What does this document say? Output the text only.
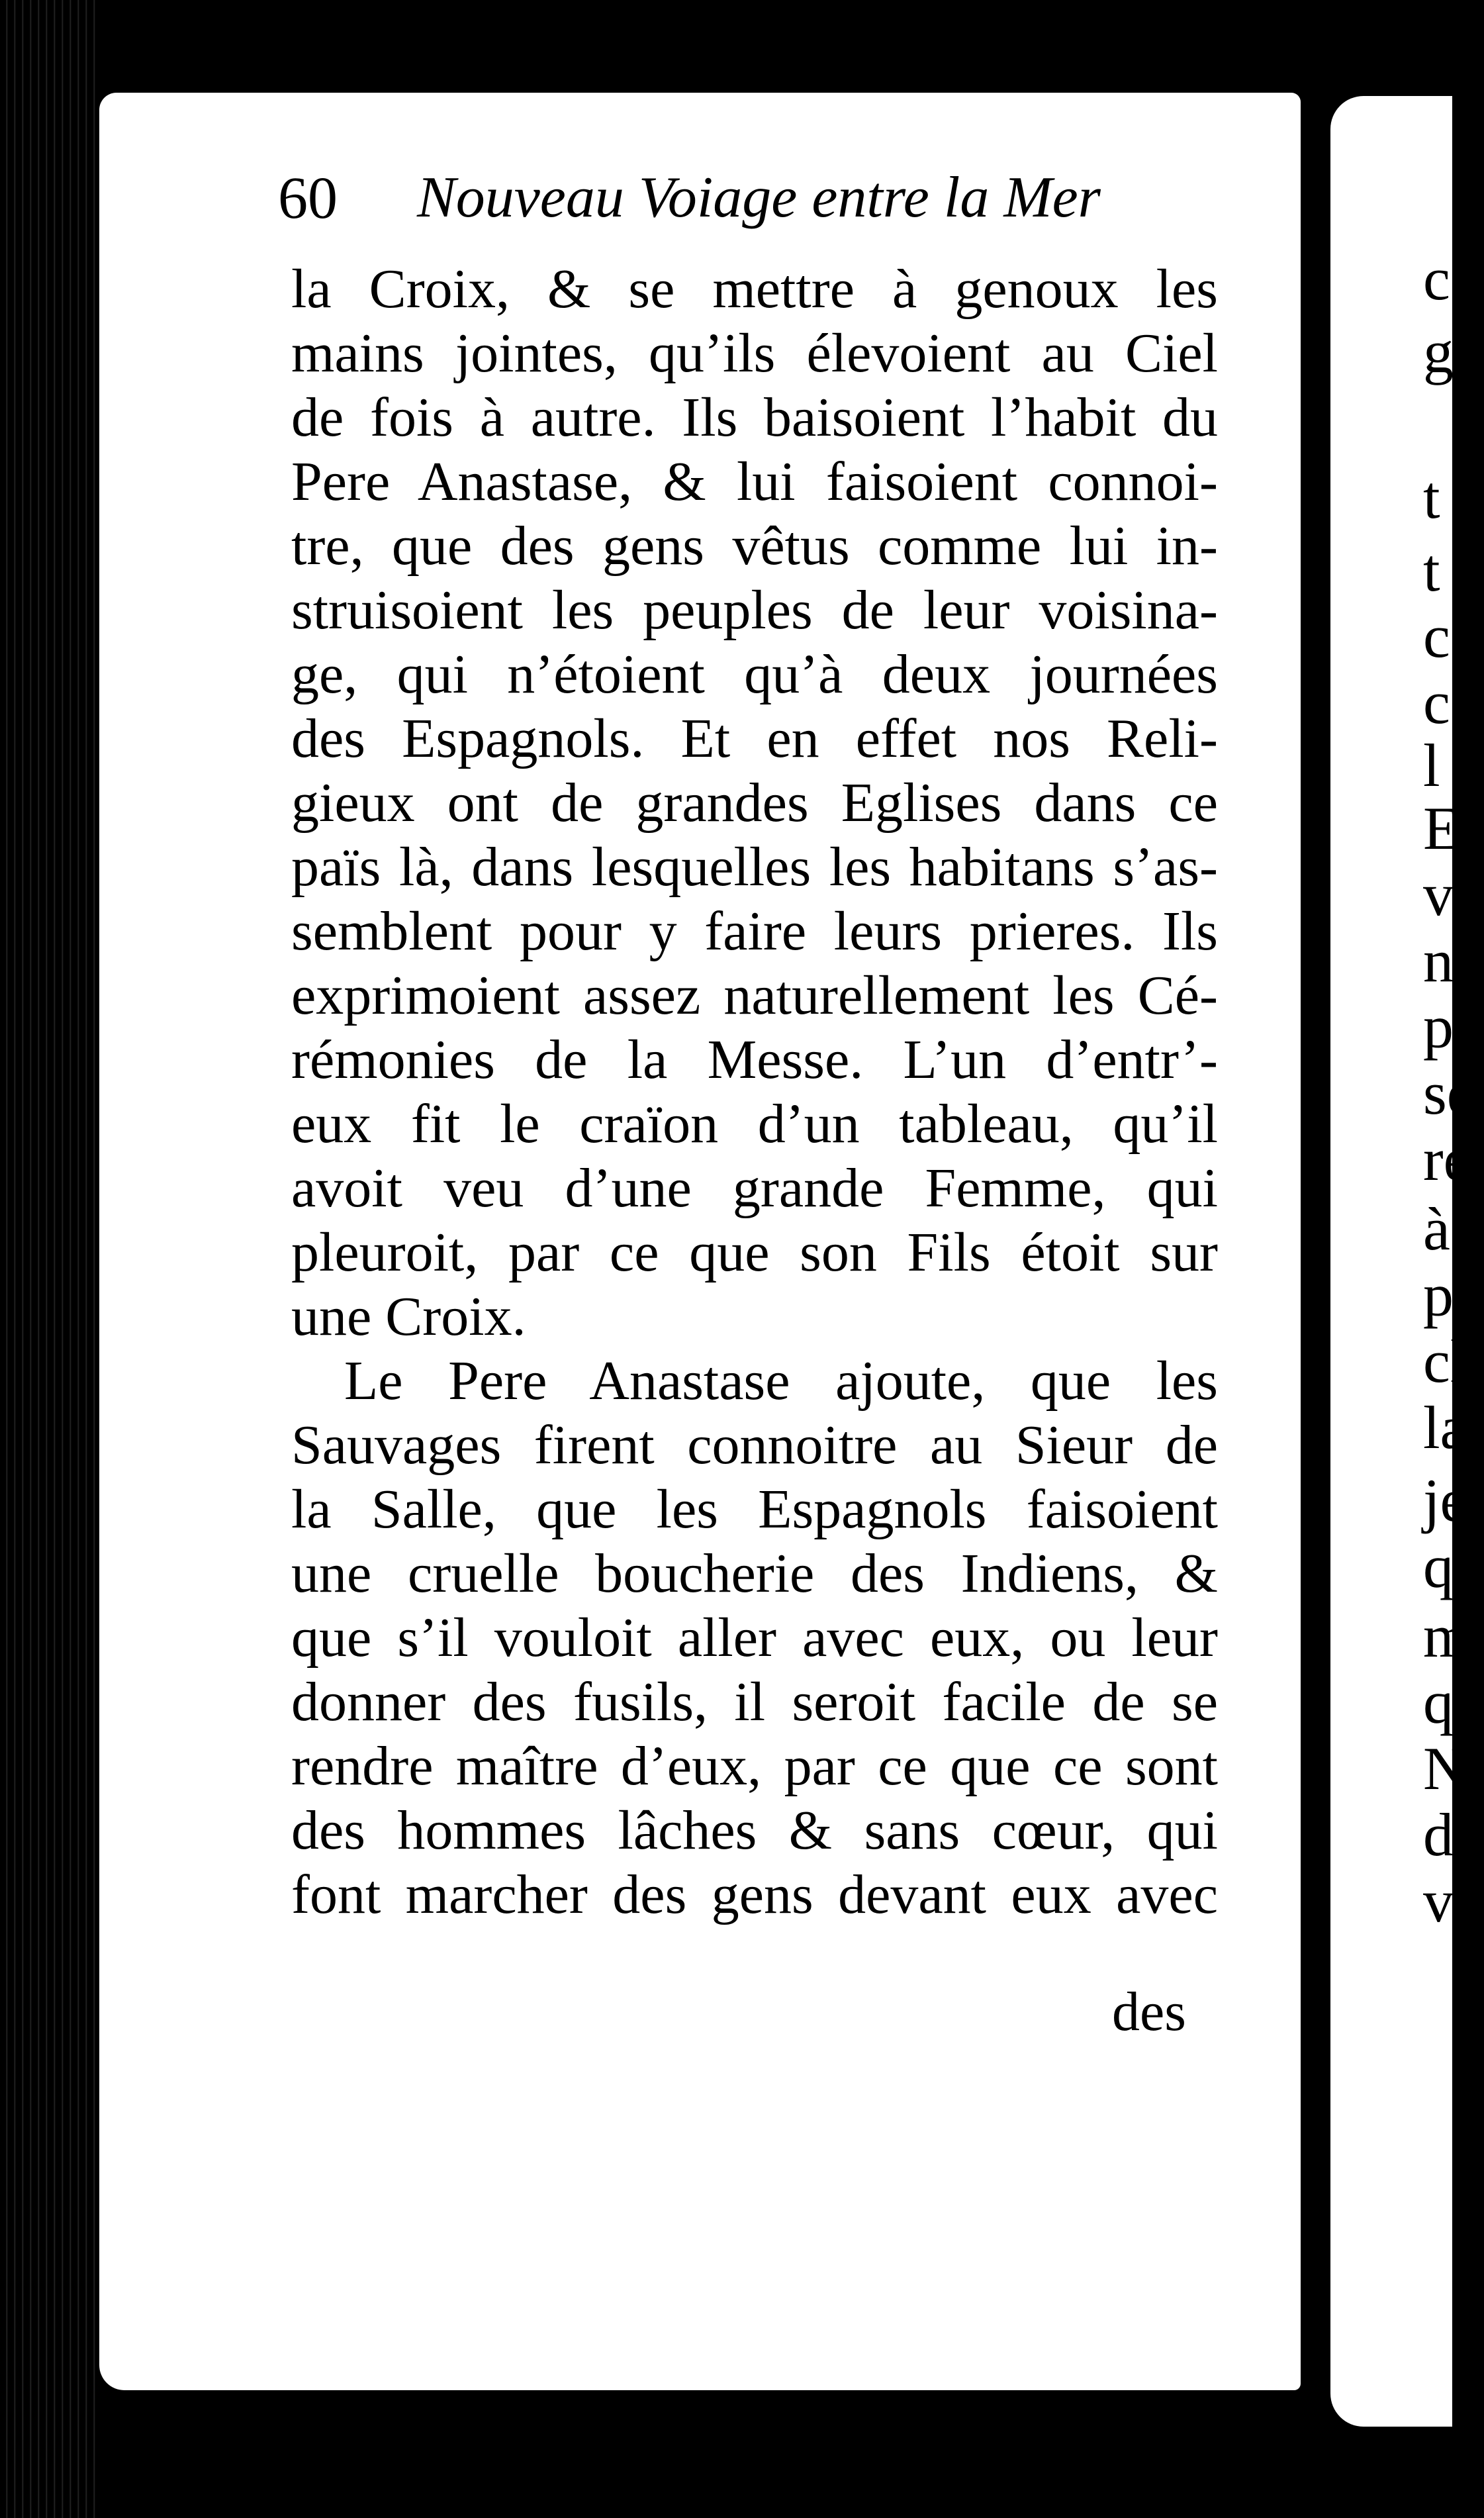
c
g
t
t
c
c
l
E
v
n
p
se
re
à
p
cl
la
je
q
m
qu
N
de
ve
60 Nouveau Voiage entre la Mer
la Croix, & se mettre à genoux les
mains jointes, qu’ils élevoient au Ciel
de fois à autre. Ils baisoient l’habit du
Pere Anastase, & lui faisoient connoi-
tre, que des gens vêtus comme lui in-
struisoient les peuples de leur voisina-
ge, qui n’étoient qu’à deux journées
des Espagnols. Et en effet nos Reli-
gieux ont de grandes Eglises dans ce
païs là, dans lesquelles les habitans s’as-
semblent pour y faire leurs prieres. Ils
exprimoient assez naturellement les Cé-
rémonies de la Messe. L’un d’entr’-
eux fit le craïon d’un tableau, qu’il
avoit veu d’une grande Femme, qui
pleuroit, par ce que son Fils étoit sur
une Croix.
Le Pere Anastase ajoute, que les
Sauvages firent connoitre au Sieur de
la Salle, que les Espagnols faisoient
une cruelle boucherie des Indiens, &
que s’il vouloit aller avec eux, ou leur
donner des fusils, il seroit facile de se
rendre maître d’eux, par ce que ce sont
des hommes lâches & sans cœur, qui
font marcher des gens devant eux avec
des
